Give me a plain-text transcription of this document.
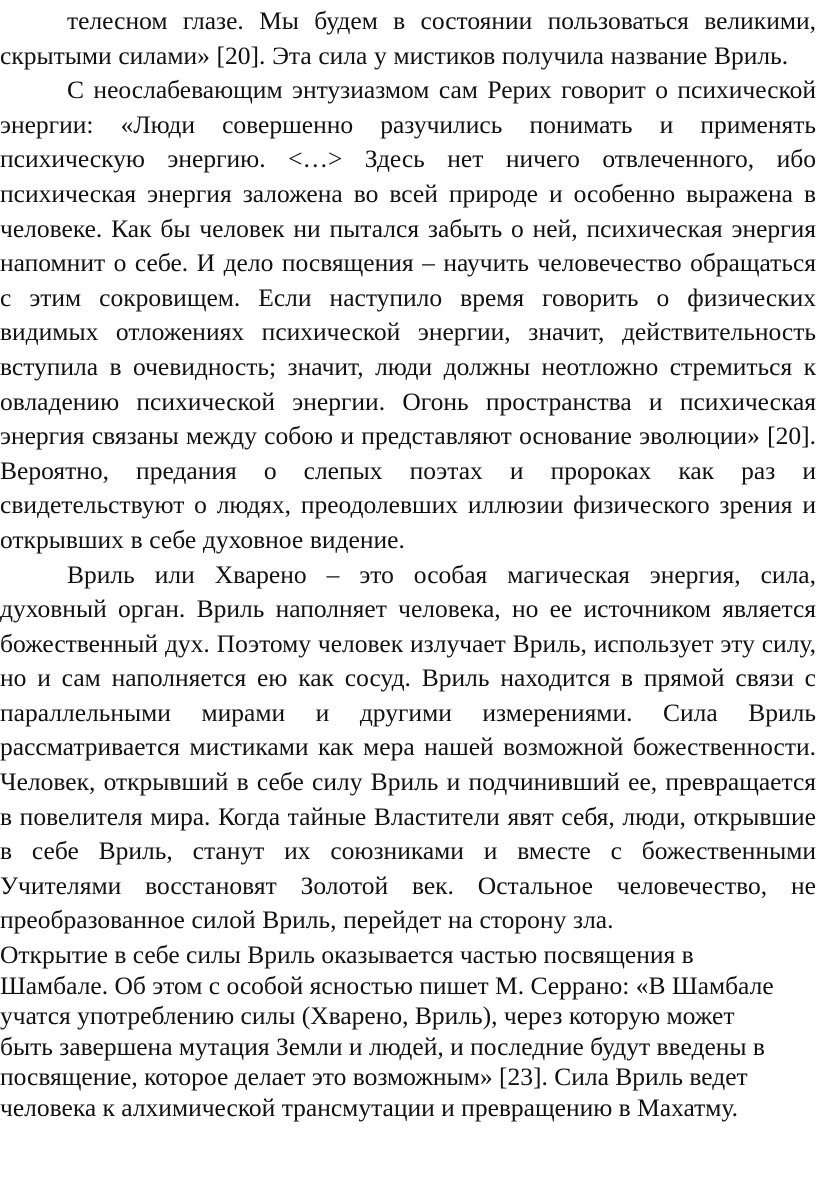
телесном глазе. Мы будем в состоянии пользоваться великими, скрытыми силами» [20]. Эта сила у мистиков получила название Вриль.

С неослабевающим энтузиазмом сам Рерих говорит о психической энергии: «Люди совершенно разучились понимать и применять психическую энергию. <…> Здесь нет ничего отвлеченного, ибо психическая энергия заложена во всей природе и особенно выражена в человеке. Как бы человек ни пытался забыть о ней, психическая энергия напомнит о себе. И дело посвящения – научить человечество обращаться с этим сокровищем. Если наступило время говорить о физических видимых отложениях психической энергии, значит, действительность вступила в очевидность; значит, люди должны неотложно стремиться к овладению психической энергии. Огонь пространства и психическая энергия связаны между собою и представляют основание эволюции» [20]. Вероятно, предания о слепых поэтах и пророках как раз и свидетельствуют о людях, преодолевших иллюзии физического зрения и открывших в себе духовное видение.

Вриль или Хварено – это особая магическая энергия, сила, духовный орган. Вриль наполняет человека, но ее источником является божественный дух. Поэтому человек излучает Вриль, использует эту силу, но и сам наполняется ею как сосуд. Вриль находится в прямой связи с параллельными мирами и другими измерениями. Сила Вриль рассматривается мистиками как мера нашей возможной божественности. Человек, открывший в себе силу Вриль и подчинивший ее, превращается в повелителя мира. Когда тайные Властители явят себя, люди, открывшие в себе Вриль, станут их союзниками и вместе с божественными Учителями восстановят Золотой век. Остальное человечество, не преобразованное силой Вриль, перейдет на сторону зла.

Открытие в себе силы Вриль оказывается частью посвящения в

Шамбале. Об этом с особой ясностью пишет М. Серрано: «В Шамбале

учатся употреблению силы (Хварено, Вриль), через которую может

быть завершена мутация Земли и людей, и последние будут введены в

посвящение, которое делает это возможным» [23]. Сила Вриль ведет

человека к алхимической трансмутации и превращению в Махатму.
